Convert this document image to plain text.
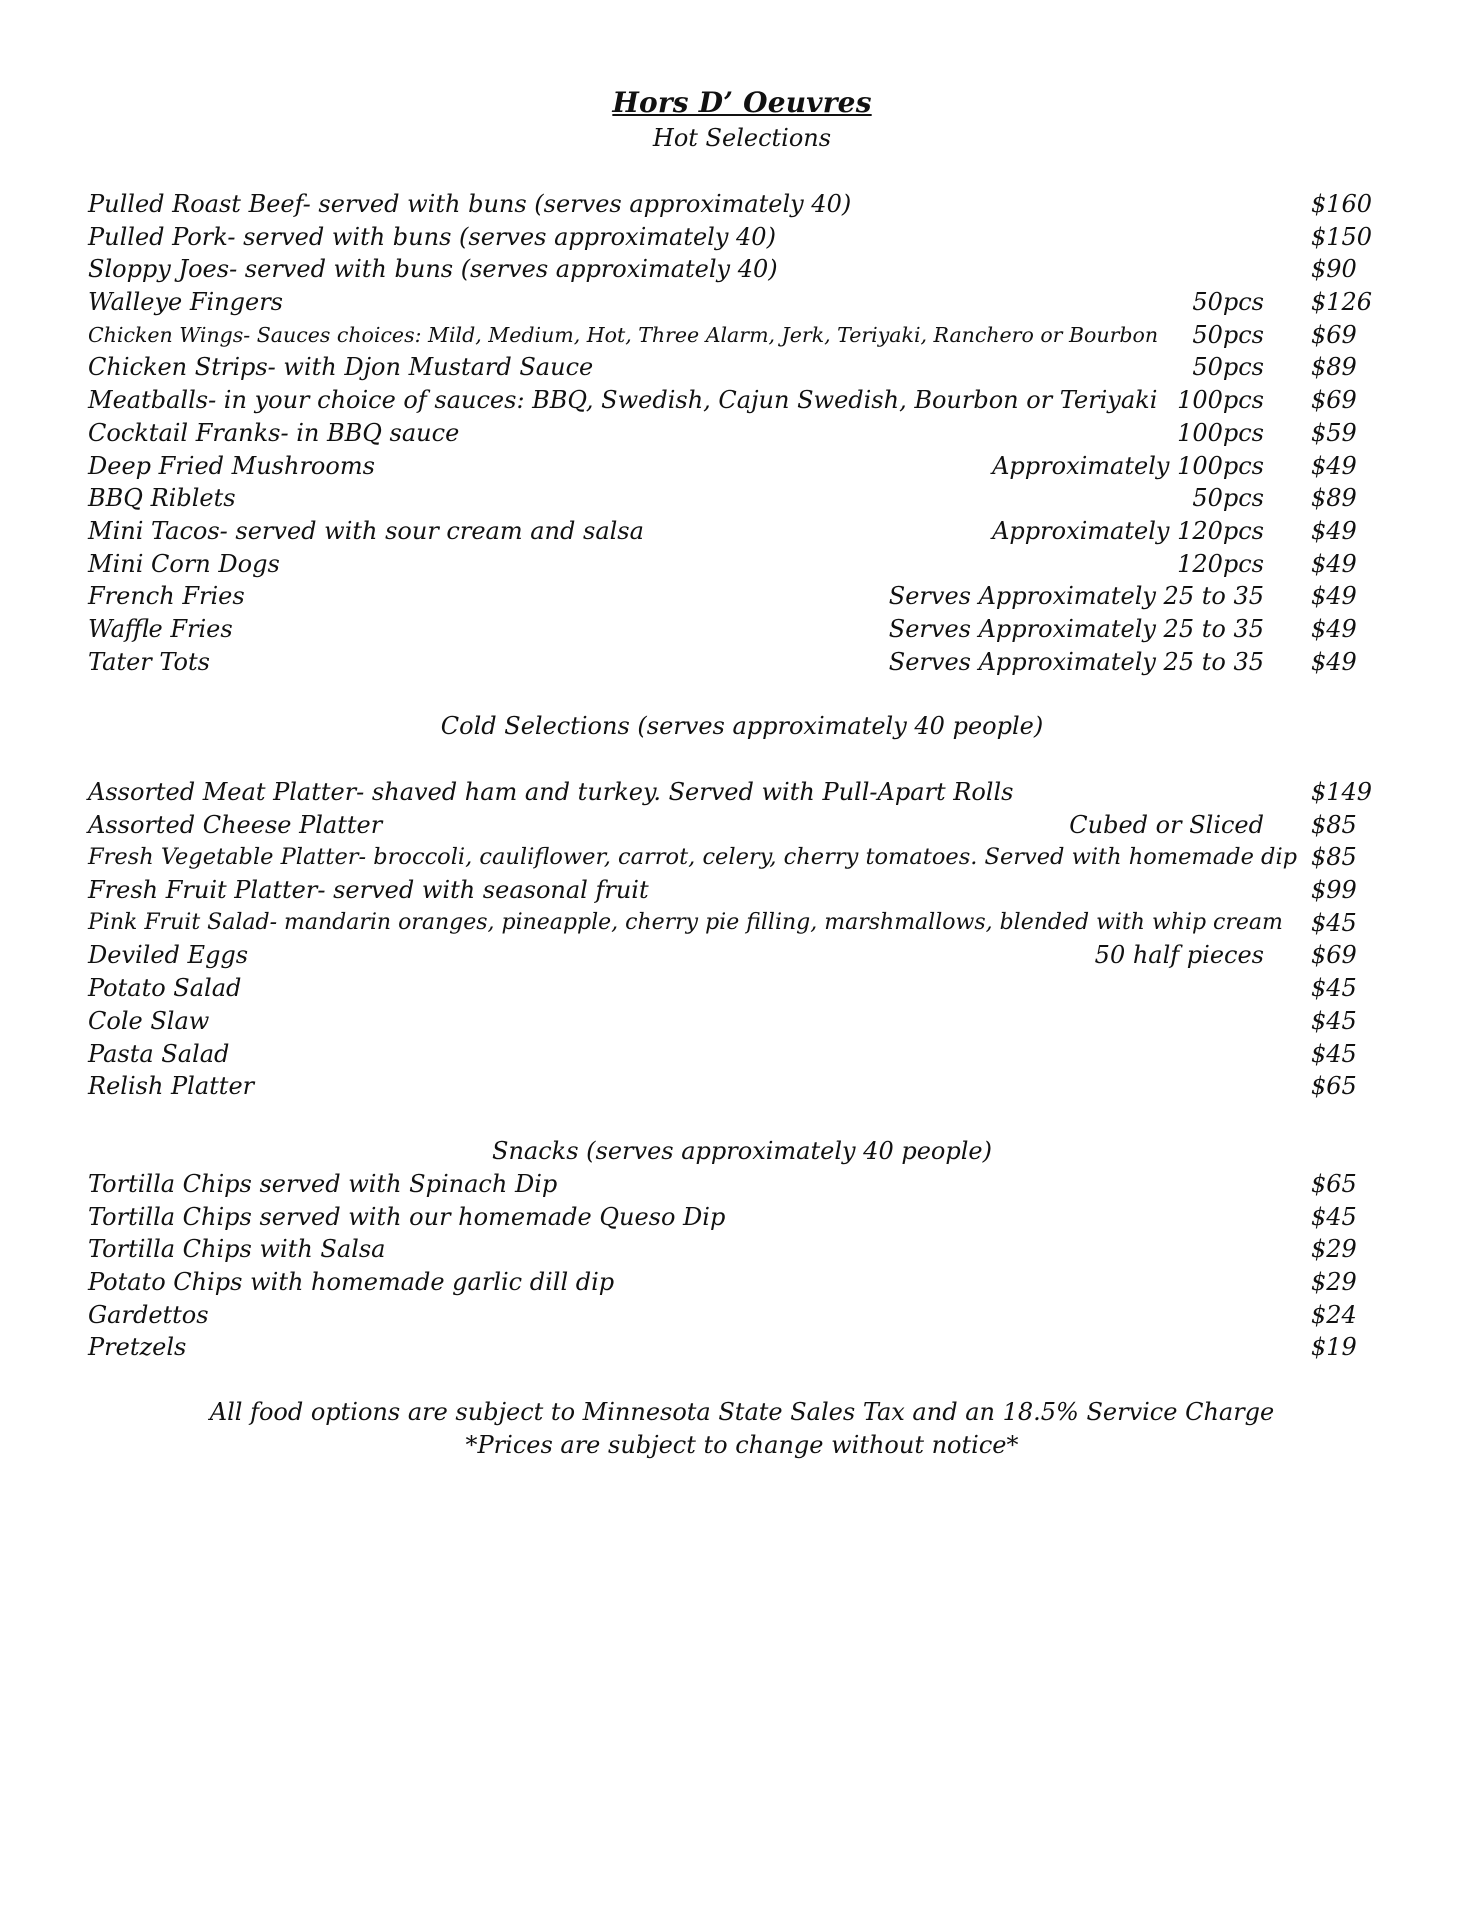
Hors D’ Oeuvres
Hot Selections
Pulled Roast Beef- served with buns (serves approximately 40)	$160
Pulled Pork- served with buns (serves approximately 40)	$150
Sloppy Joes- served with buns (serves approximately 40)	$90
Walleye Fingers	50pcs $126
Chicken Wings- Sauces choices: Mild, Medium, Hot, Three Alarm, Jerk, Teriyaki, Ranchero or Bourbon 50pcs $69
Chicken Strips- with Djon Mustard Sauce	50pcs $89
Meatballs- in your choice of sauces: BBQ, Swedish, Cajun Swedish, Bourbon or Teriyaki 100pcs $69
Cocktail Franks- in BBQ sauce	100pcs $59
Deep Fried Mushrooms	Approximately 100pcs $49
BBQ Riblets	50pcs $89
Mini Tacos- served with sour cream and salsa	Approximately 120pcs $49
Mini Corn Dogs	120pcs $49
French Fries	Serves Approximately 25 to 35 $49
Waffle Fries	Serves Approximately 25 to 35 $49
Tater Tots	Serves Approximately 25 to 35 $49
Cold Selections (serves approximately 40 people)
Assorted Meat Platter- shaved ham and turkey. Served with Pull-Apart Rolls	$149
Assorted Cheese Platter	Cubed or Sliced $85
Fresh Vegetable Platter- broccoli, cauliflower, carrot, celery, cherry tomatoes. Served with homemade dip $85
Fresh Fruit Platter- served with seasonal fruit	$99
Pink Fruit Salad- mandarin oranges, pineapple, cherry pie filling, marshmallows, blended with whip cream $45
Deviled Eggs	50 half pieces $69
Potato Salad	$45
Cole Slaw	$45
Pasta Salad	$45
Relish Platter	$65
Snacks (serves approximately 40 people)
Tortilla Chips served with Spinach Dip	$65
Tortilla Chips served with our homemade Queso Dip	$45
Tortilla Chips with Salsa	$29
Potato Chips with homemade garlic dill dip	$29
Gardettos	$24
Pretzels	$19
All food options are subject to Minnesota State Sales Tax and an 18.5% Service Charge
*Prices are subject to change without notice*
